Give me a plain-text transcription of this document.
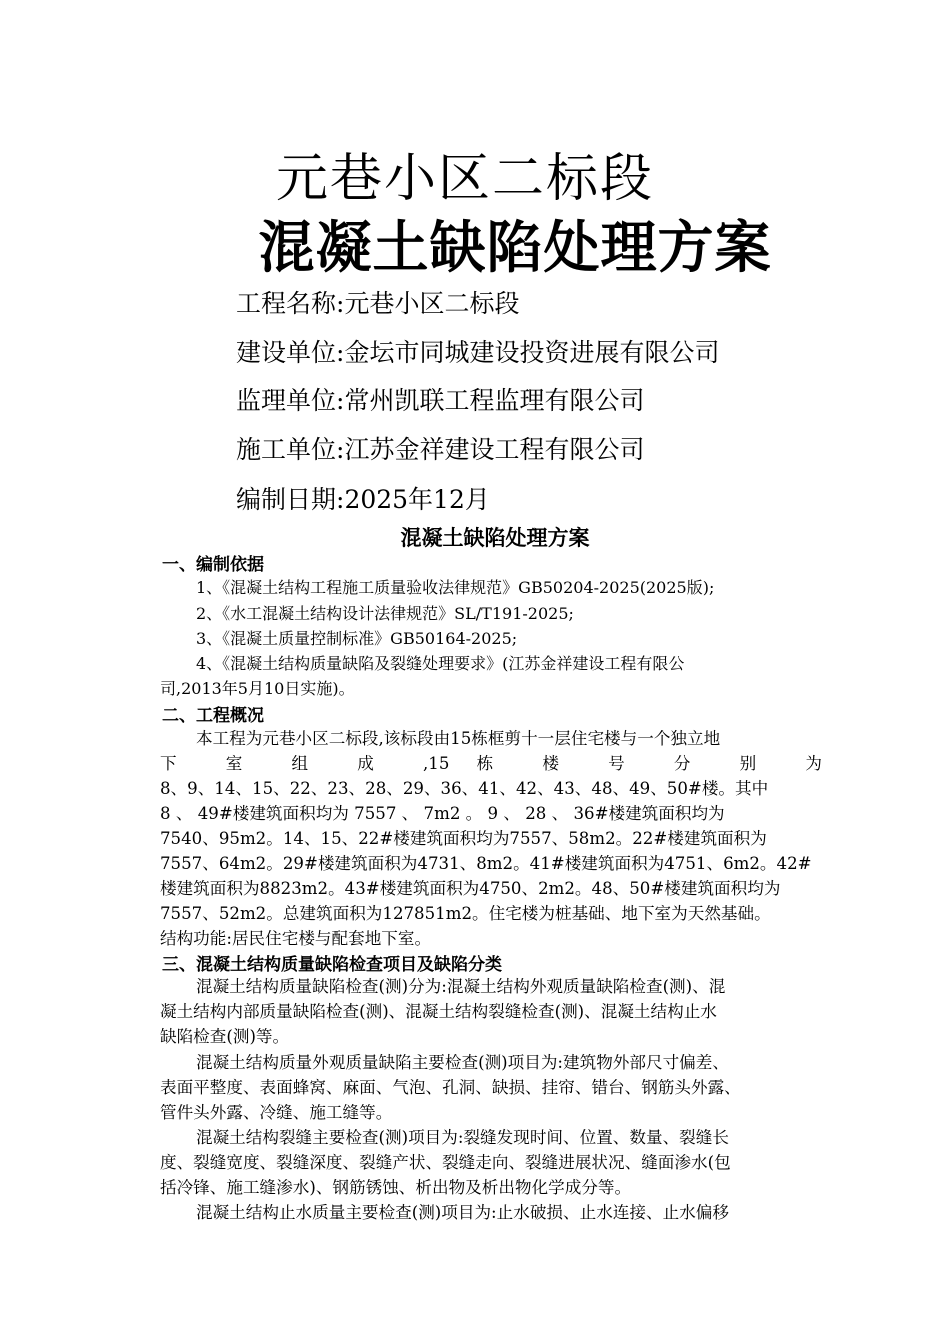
元巷小区二标段
混凝土缺陷处理方案
工程名称:元巷小区二标段
建设单位:金坛市同城建设投资进展有限公司
监理单位:常州凯联工程监理有限公司
施工单位:江苏金祥建设工程有限公司
编制日期:2025年12月
混凝土缺陷处理方案
一、编制依据
1、《混凝土结构工程施工质量验收法律规范》GB50204-2025(2025版);
2、《水工混凝土结构设计法律规范》SL/T191-2025;
3、《混凝土质量控制标准》GB50164-2025;
4、《混凝土结构质量缺陷及裂缝处理要求》(江苏金祥建设工程有限公
司,2013年5月10日实施)。
二、工程概况
本工程为元巷小区二标段,该标段由15栋框剪十一层住宅楼与一个独立地
下 室 组 成 ,15 栋 楼 号 分 别 为
8、9、14、15、22、23、28、29、36、41、42、43、48、49、50#楼。其中
8 、 49#楼建筑面积均为 7557 、 7m2 。 9 、 28 、 36#楼建筑面积均为
7540、95m2。14、15、22#楼建筑面积均为7557、58m2。22#楼建筑面积为
7557、64m2。29#楼建筑面积为4731、8m2。41#楼建筑面积为4751、6m2。42#
楼建筑面积为8823m2。43#楼建筑面积为4750、2m2。48、50#楼建筑面积均为
7557、52m2。总建筑面积为127851m2。住宅楼为桩基础、地下室为天然基础。
结构功能:居民住宅楼与配套地下室。
三、混凝土结构质量缺陷检查项目及缺陷分类
混凝土结构质量缺陷检查(测)分为:混凝土结构外观质量缺陷检查(测)、混
凝土结构内部质量缺陷检查(测)、混凝土结构裂缝检查(测)、混凝土结构止水
缺陷检查(测)等。
混凝土结构质量外观质量缺陷主要检查(测)项目为:建筑物外部尺寸偏差、
表面平整度、表面蜂窝、麻面、气泡、孔洞、缺损、挂帘、错台、钢筋头外露、
管件头外露、冷缝、施工缝等。
混凝土结构裂缝主要检查(测)项目为:裂缝发现时间、位置、数量、裂缝长
度、裂缝宽度、裂缝深度、裂缝产状、裂缝走向、裂缝进展状况、缝面渗水(包
括冷锋、施工缝渗水)、钢筋锈蚀、析出物及析出物化学成分等。
混凝土结构止水质量主要检查(测)项目为:止水破损、止水连接、止水偏移
